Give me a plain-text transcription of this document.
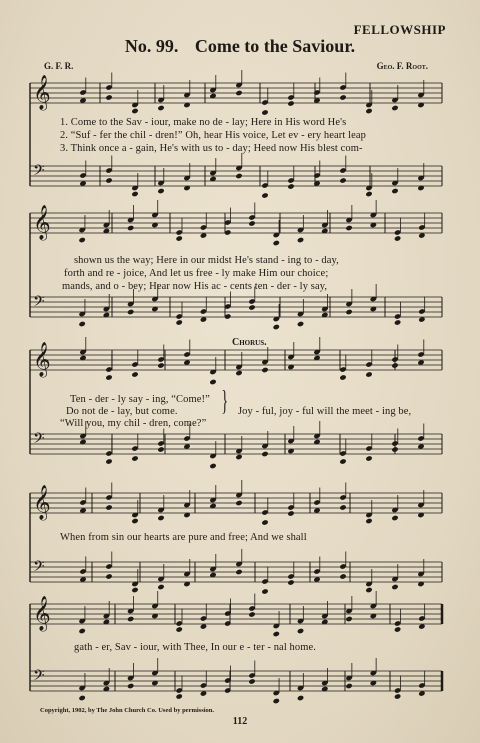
FELLOWSHIP
No. 99. Come to the Saviour.
G. F. R.	Geo. F. Root.
𝄞
𝄢
𝄞
𝄢
𝄞
𝄢
𝄞
𝄢
𝄞
𝄢
1. Come to the Sav - iour, make no de - lay; Here in His word He's
2. “Suf - fer the chil - dren!” Oh, hear His voice, Let ev - ery heart leap
3. Think once a - gain, He's with us to - day; Heed now His blest com-
shown us the way; Here in our midst He's stand - ing to - day,
forth and re - joice, And let us free - ly make Him our choice;
mands, and o - bey; Hear now His ac - cents ten - der - ly say,
Chorus.
Ten - der - ly say - ing, “Come!”
Do not de - lay, but come.
“Will you, my chil - dren, come?”
} Joy - ful, joy - ful will the meet - ing be,
When from sin our hearts are pure and free; And we shall
gath - er, Sav - iour, with Thee, In our e - ter - nal home.
Copyright, 1902, by The John Church Co. Used by permission.
112
